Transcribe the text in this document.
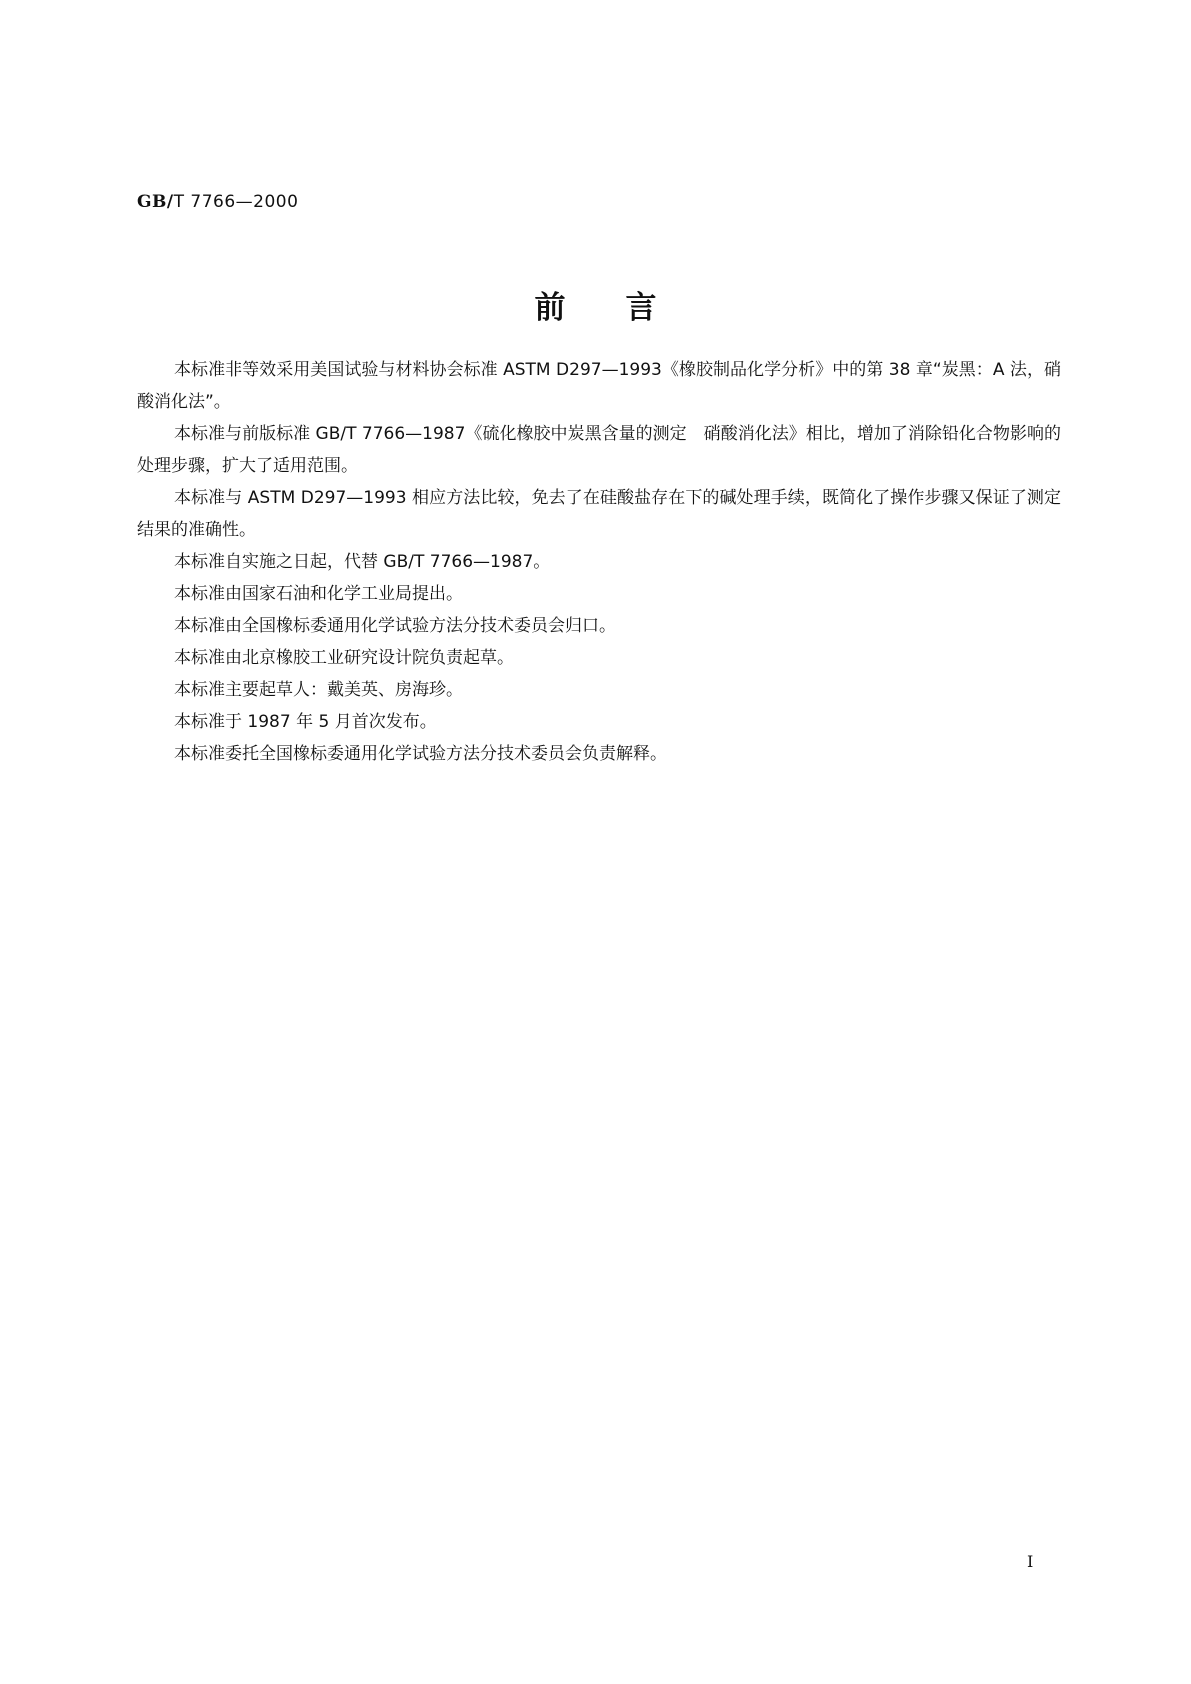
GB/T 7766—2000
前言

本标准非等效采用美国试验与材料协会标准 ASTM D297—1993《橡胶制品化学分析》中的第 38 章“炭黑：A 法，硝酸消化法”。

本标准与前版标准 GB/T 7766—1987《硫化橡胶中炭黑含量的测定　硝酸消化法》相比，增加了消除铅化合物影响的处理步骤，扩大了适用范围。

本标准与 ASTM D297—1993 相应方法比较，免去了在硅酸盐存在下的碱处理手续，既简化了操作步骤又保证了测定结果的准确性。

本标准自实施之日起，代替 GB/T 7766—1987。

本标准由国家石油和化学工业局提出。

本标准由全国橡标委通用化学试验方法分技术委员会归口。

本标准由北京橡胶工业研究设计院负责起草。

本标准主要起草人：戴美英、房海珍。

本标准于 1987 年 5 月首次发布。

本标准委托全国橡标委通用化学试验方法分技术委员会负责解释。

I
